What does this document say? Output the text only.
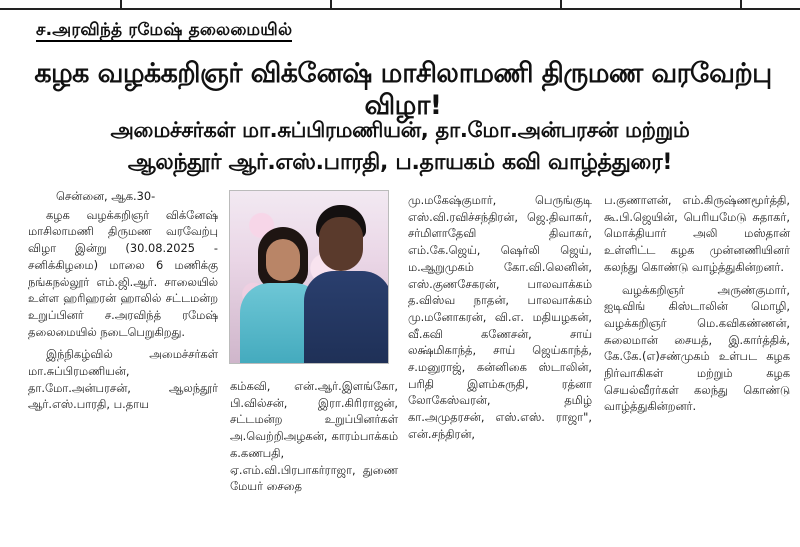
ச.அரவிந்த் ரமேஷ் தலைமையில்
கழக வழக்கறிஞர் விக்னேஷ் மாசிலாமணி திருமண வரவேற்பு விழா!
அமைச்சர்கள் மா.சுப்பிரமணியன், தா.மோ.அன்பரசன் மற்றும்
ஆலந்தூர் ஆர்.எஸ்.பாரதி, ப.தாயகம் கவி வாழ்த்துரை!

சென்னை, ஆக.30-

கழக வழக்கறிஞர் விக்னேஷ் மாசிலாமணி திருமண வரவேற்பு விழா இன்று (30.08.2025 - சனிக்கிழமை) மாலை 6 மணிக்கு நங்கநல்லூர் எம்.ஜி.ஆர். சாலையில் உள்ள ஹரிஹரன் ஹாலில் சட்டமன்ற உறுப்பினர் ச.அரவிந்த் ரமேஷ் தலைமையில் நடைபெறுகிறது.

இந்நிகழ்வில் அமைச்சர்கள் மா.சுப்பிரமணியன், தா.மோ.அன்பரசன், ஆலந்தூர் ஆர்.எஸ்.பாரதி, ப.தாய

கம்கவி, என்.ஆர்.இளங்கோ, பி.வில்சன், இரா.கிரிராஜன், சட்டமன்ற உறுப்பினர்கள் அ.வெற்றிஅழகன், காரம்பாக்கம் க.கணபதி, ஏ.எம்.வி.பிரபாகர்ராஜா, துணை மேயர் சைதை

மு.மகேஷ்குமார், பெருங்குடி எஸ்.வி.ரவிச்சந்திரன், ஜெ.திவாகர், சர்மிளாதேவி திவாகர், எம்.கே.ஜெய், ஷெர்லி ஜெய், ம.ஆறுமுகம் கோ.வி.லெனின், எஸ்.குணசேகரன், பாலவாக்கம் த.விஸ்வ நாதன், பாலவாக்கம் மு.மனோகரன், வி.எ. மதியழகன், வீ.கவி கணேசன், சாய் லக்ஷ்மிகாந்த், சாய் ஜெய்காந்த், ச.மனுராஜ், கன்னிகை ஸ்டாலின், பரிதி இளம்சுருதி, ரத்னா லோகேஸ்வரன், தமிழ் கா.அமுதரசன், எஸ்.எஸ். ராஜா", என்.சந்திரன்,

ப.குணாளன், எம்.கிருஷ்ணமூர்த்தி, கூ.பி.ஜெயின், பெரியமேடு சுதாகர், மொக்தியார் அலி மஸ்தான் உள்ளிட்ட கழக முன்னணியினர் கலந்து கொண்டு வாழ்த்துகின்றனர்.

வழக்கறிஞர் அருண்குமார், ஐடிவிங் கிஸ்டாலின் மொழி, வழக்கறிஞர் மெ.கவிகண்ணன், சுலைமான் சையத், இ.கார்த்திக், கே.கே.(எ)சண்முகம் உள்பட கழக நிர்வாகிகள் மற்றும் கழக செயல்வீரர்கள் கலந்து கொண்டு வாழ்த்துகின்றனர்.
